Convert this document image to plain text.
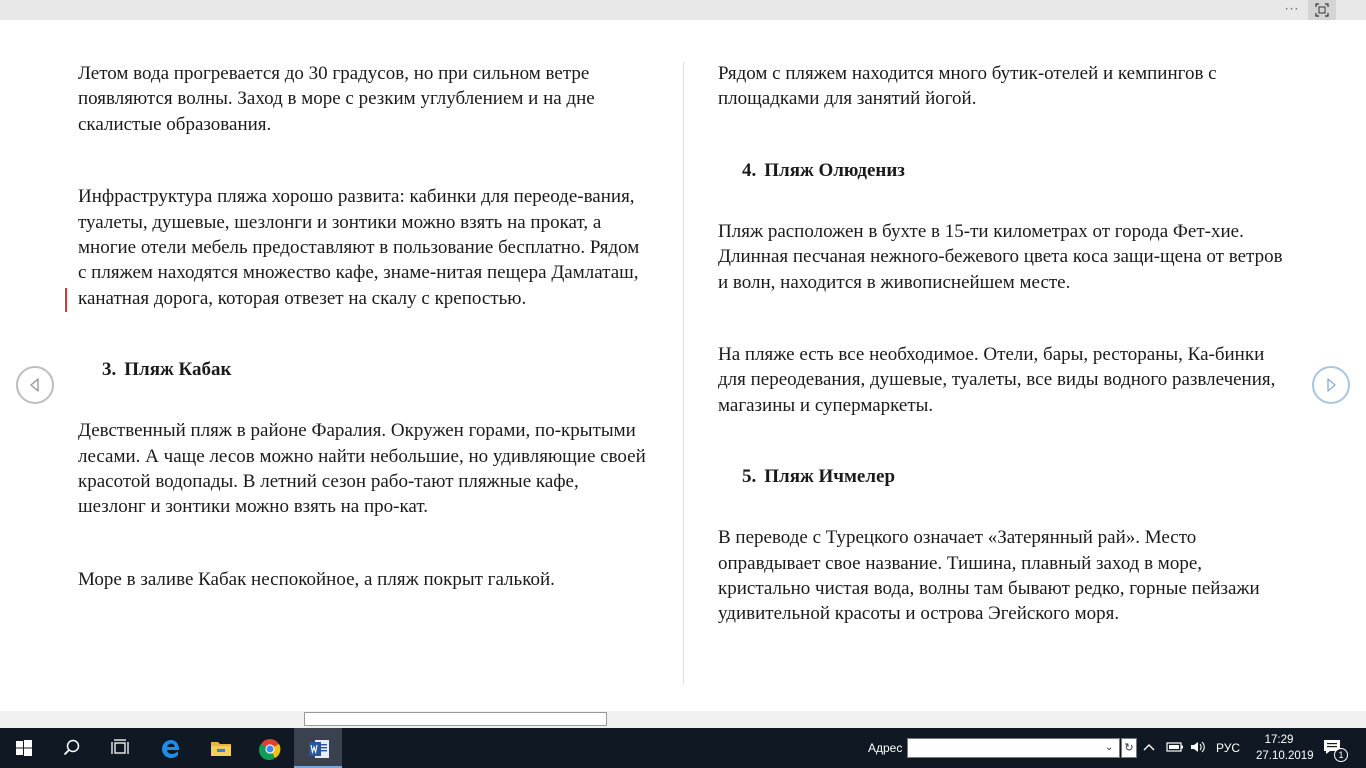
···

Летом вода прогревается до 30 градусов, но при сильном ветре появляются волны. Заход в море с резким углублением и на дне скалистые образования.

Инфраструктура пляжа хорошо развита: кабинки для переоде-вания, туалеты, душевые, шезлонги и зонтики можно взять на прокат, а многие отели мебель предоставляют в пользование бесплатно. Рядом с пляжем находятся множество кафе, знаме-нитая пещера Дамлаташ, канатная дорога, которая отвезет на скалу с крепостью.

3. Пляж Кабак

Девственный пляж в районе Фаралия. Окружен горами, по-крытыми лесами. А чаще лесов можно найти небольшие, но удивляющие своей красотой водопады. В летний сезон рабо-тают пляжные кафе, шезлонг и зонтики можно взять на про-кат.

Море в заливе Кабак неспокойное, а пляж покрыт галькой.

Рядом с пляжем находится много бутик-отелей и кемпингов с площадками для занятий йогой.

4. Пляж Олюдениз

Пляж расположен в бухте в 15-ти километрах от города Фет-хие. Длинная песчаная нежного-бежевого цвета коса защи-щена от ветров и волн, находится в живописнейшем месте.

На пляже есть все необходимое. Отели, бары, рестораны, Ка-бинки для переодевания, душевые, туалеты, все виды водного развлечения, магазины и супермаркеты.

5. Пляж Ичмелер

В переводе с Турецкого означает «Затерянный рай». Место оправдывает свое название. Тишина, плавный заход в море, кристально чистая вода, волны там бывают редко, горные пейзажи удивительной красоты и острова Эгейского моря.

Адрес	⌄	↻	РУС
17:29
27.10.2019	1
